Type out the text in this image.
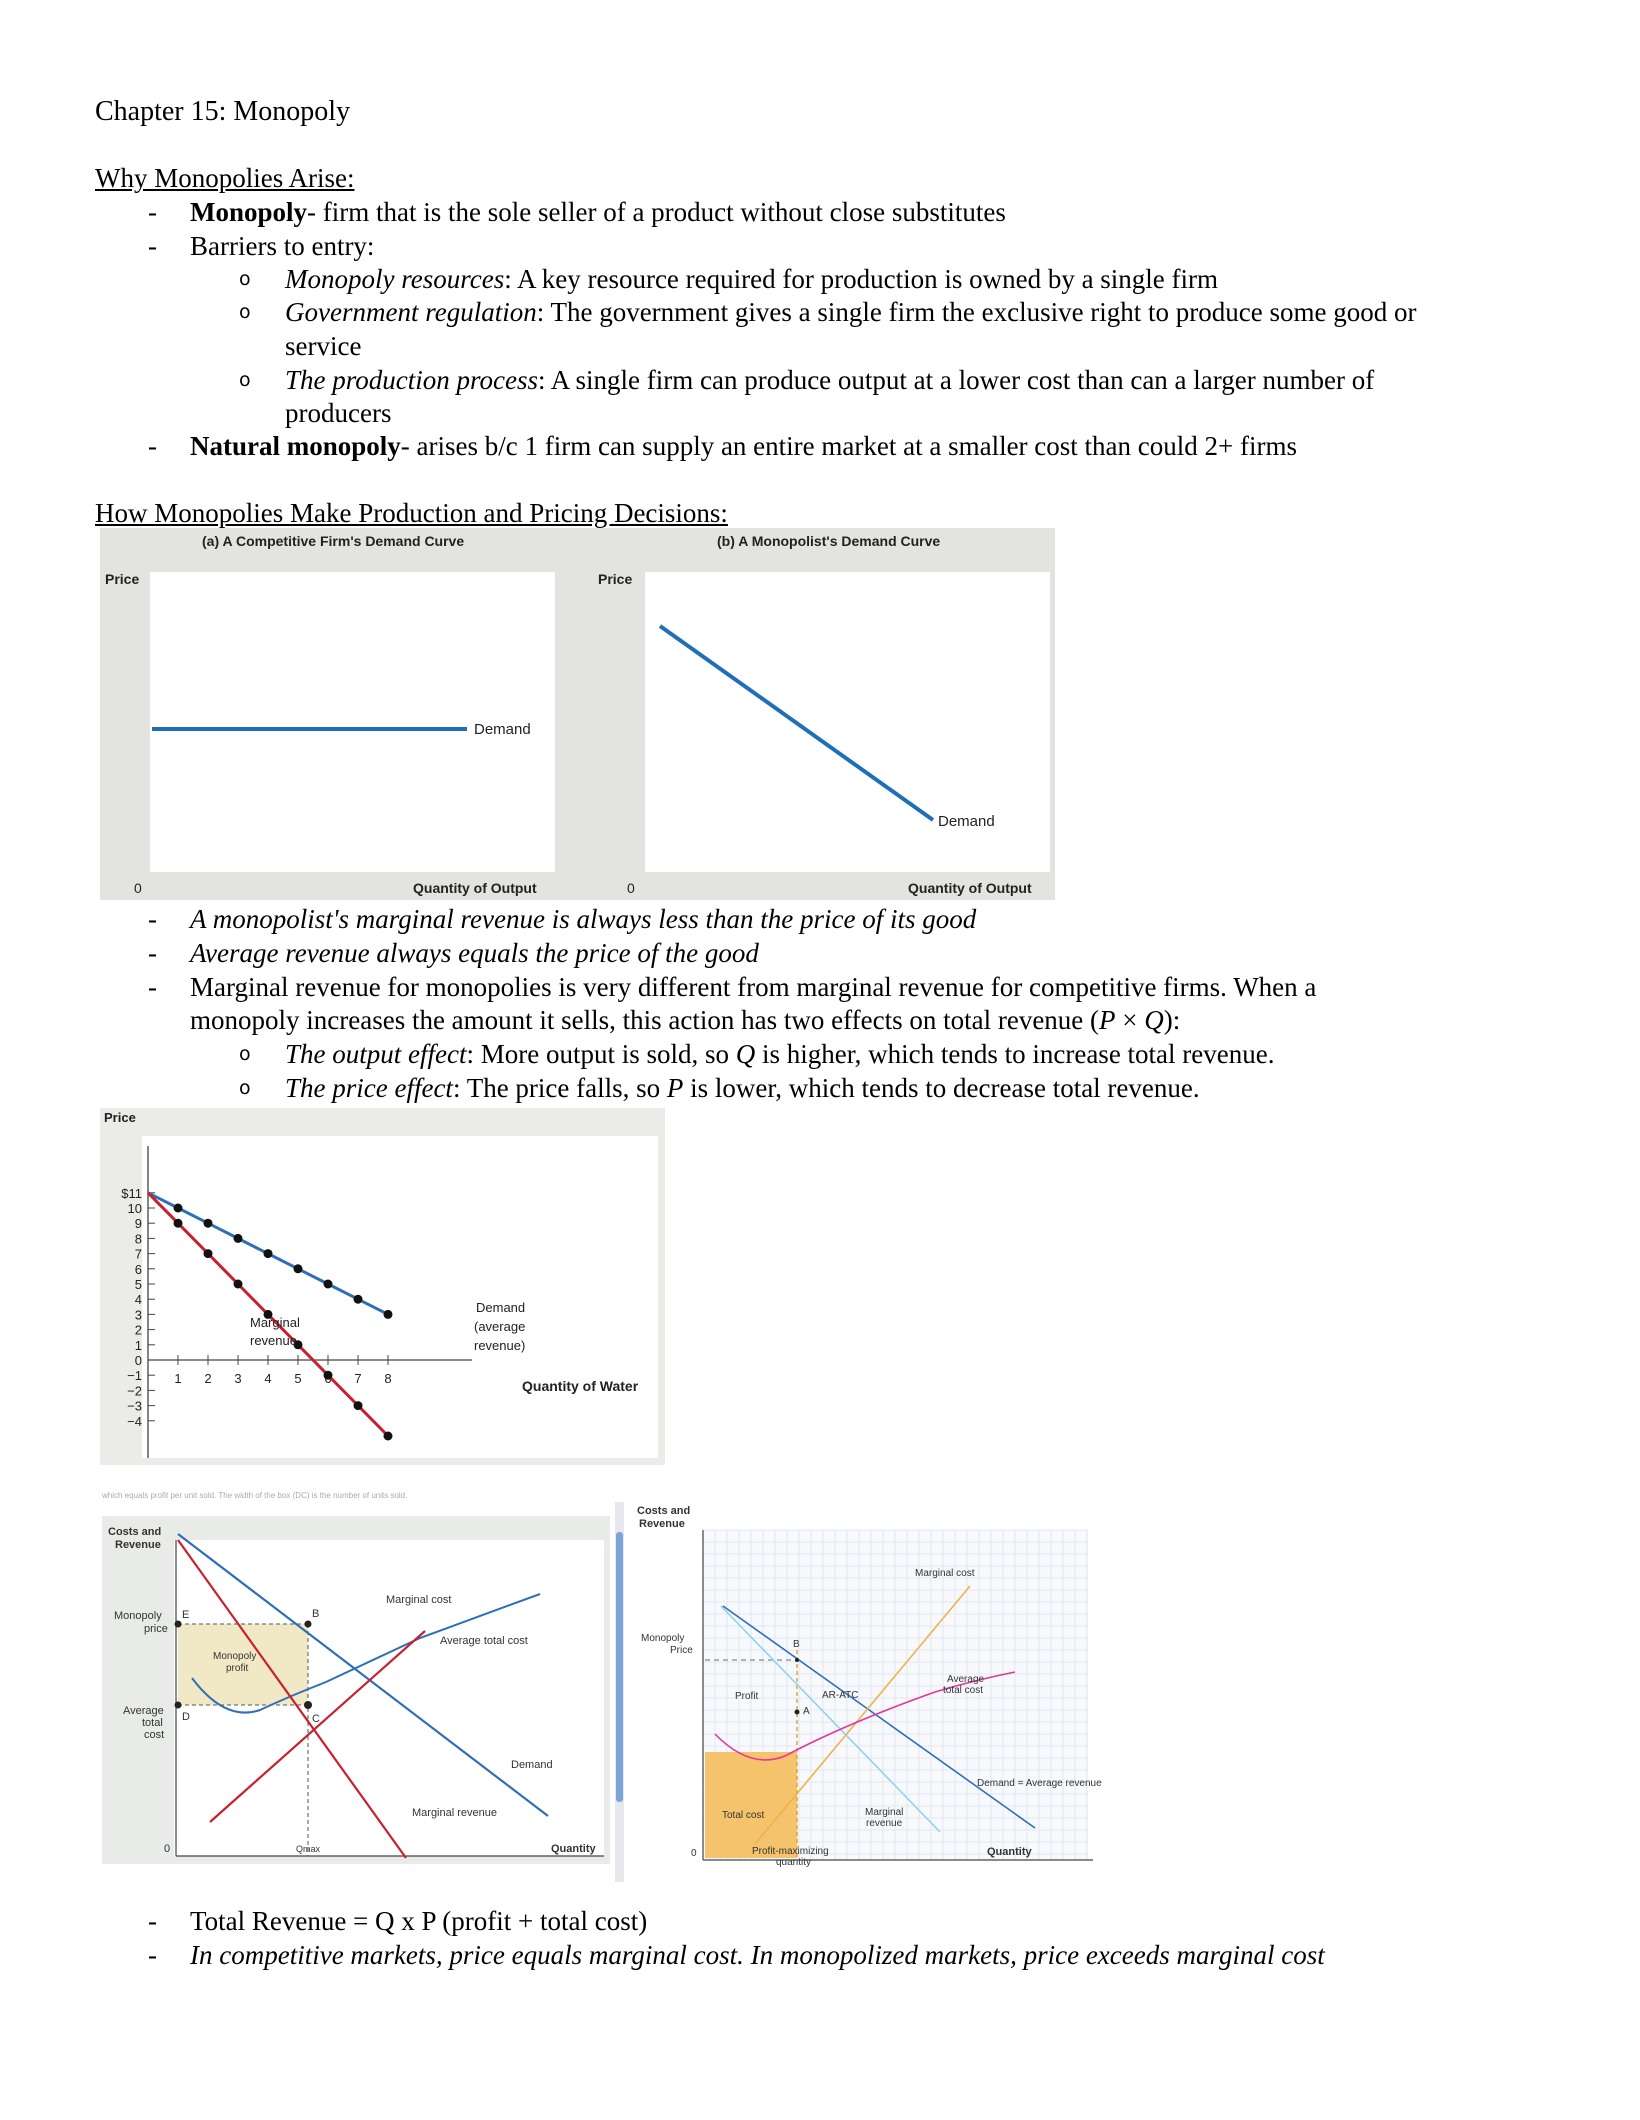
Chapter 15: Monopoly
Why Monopolies Arise:
- Monopoly- firm that is the sole seller of a product without close substitutes
- Barriers to entry:
o Monopoly resources: A key resource required for production is owned by a single firm
o Government regulation: The government gives a single firm the exclusive right to produce some good or
service
o The production process: A single firm can produce output at a lower cost than can a larger number of
producers
- Natural monopoly- arises b/c 1 firm can supply an entire market at a smaller cost than could 2+ firms
How Monopolies Make Production and Pricing Decisions:
(a) A Competitive Firm's Demand Curve	(b) A Monopolist's Demand Curve
Price	Price
0	0
Quantity of Output	Quantity of Output
Demand
Demand
- A monopolist's marginal revenue is always less than the price of its good
- Average revenue always equals the price of the good
- Marginal revenue for monopolies is very different from marginal revenue for competitive firms. When a
monopoly increases the amount it sells, this action has two effects on total revenue (P × Q):
o The output effect: More output is sold, so Q is higher, which tends to increase total revenue.
o The price effect: The price falls, so P is lower, which tends to decrease total revenue.
Price
$11
10
9
8
7
6
5
4
3
2
1
0
−1
−2
−3
−4
1 2 3 4 5	7 8	Quantity of Water
Marginal
revenue
Demand
(average
revenue)
which equals profit per unit sold. The width of the box (DC) is the number of units sold.
Costs and
Revenue
Monopoly
price
Average
total
cost
E	B
D	C
Monopoly
profit
Marginal cost
Average total cost
Demand
Marginal revenue
0	Qmax	Quantity
Costs and
Revenue
Monopoly
Price
B
A
Profit	AR-ATC
Marginal cost
Average
total cost
Demand = Average revenue
Total cost	Marginal
revenue
Profit-maximizing
quantity
0	Quantity
- Total Revenue = Q x P (profit + total cost)
- In competitive markets, price equals marginal cost. In monopolized markets, price exceeds marginal cost
